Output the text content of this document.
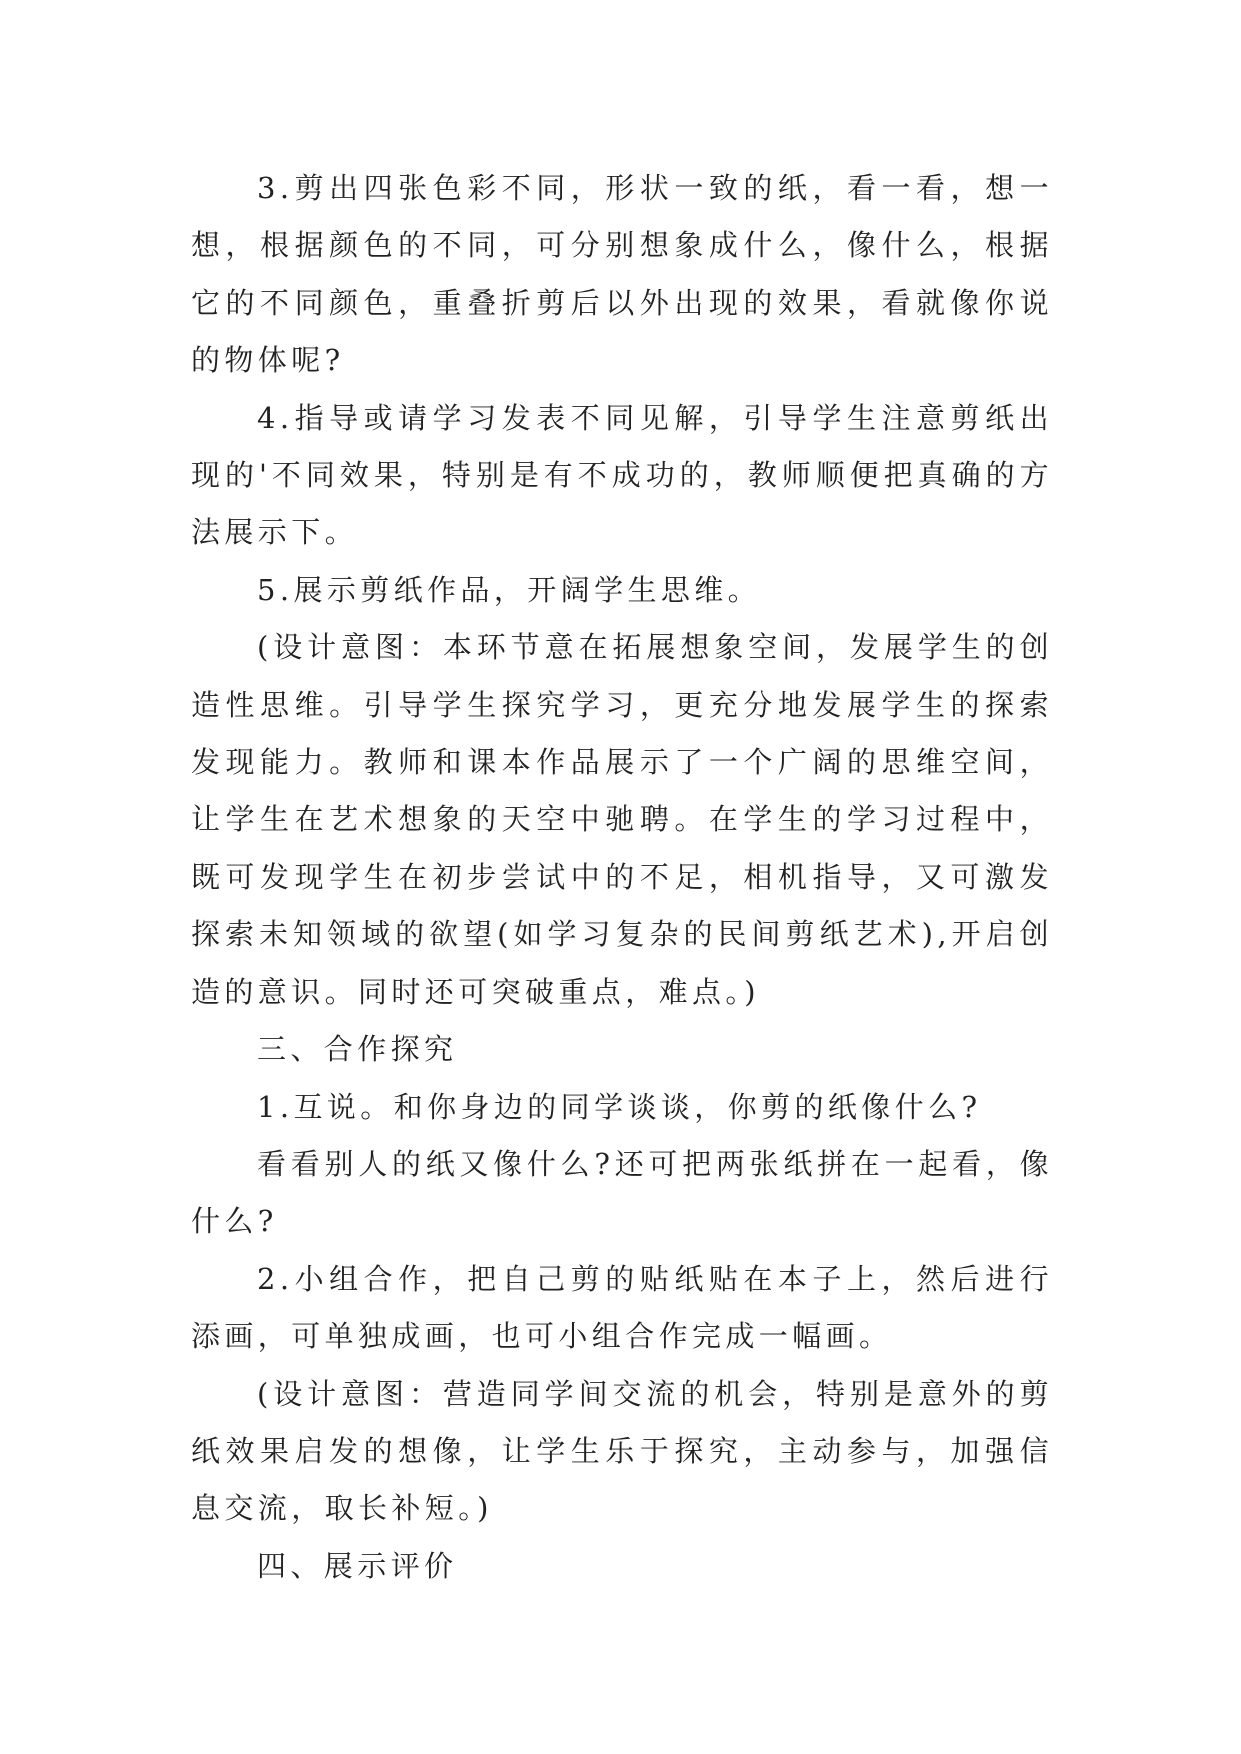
3.剪出四张色彩不同，形状一致的纸，看一看，想一想，根据颜色的不同，可分别想象成什么，像什么，根据它的不同颜色，重叠折剪后以外出现的效果，看就像你说的物体呢?

4.指导或请学习发表不同见解，引导学生注意剪纸出现的'不同效果，特别是有不成功的，教师顺便把真确的方法展示下。

5.展示剪纸作品，开阔学生思维。

(设计意图：本环节意在拓展想象空间，发展学生的创造性思维。引导学生探究学习，更充分地发展学生的探索发现能力。教师和课本作品展示了一个广阔的思维空间，让学生在艺术想象的天空中驰聘。在学生的学习过程中，既可发现学生在初步尝试中的不足，相机指导，又可激发探索未知领域的欲望(如学习复杂的民间剪纸艺术),开启创造的意识。同时还可突破重点，难点。)

三、合作探究

1.互说。和你身边的同学谈谈，你剪的纸像什么?

看看别人的纸又像什么?还可把两张纸拼在一起看，像什么?

2.小组合作，把自己剪的贴纸贴在本子上，然后进行添画，可单独成画，也可小组合作完成一幅画。

(设计意图：营造同学间交流的机会，特别是意外的剪纸效果启发的想像，让学生乐于探究，主动参与，加强信息交流，取长补短。)

四、展示评价
